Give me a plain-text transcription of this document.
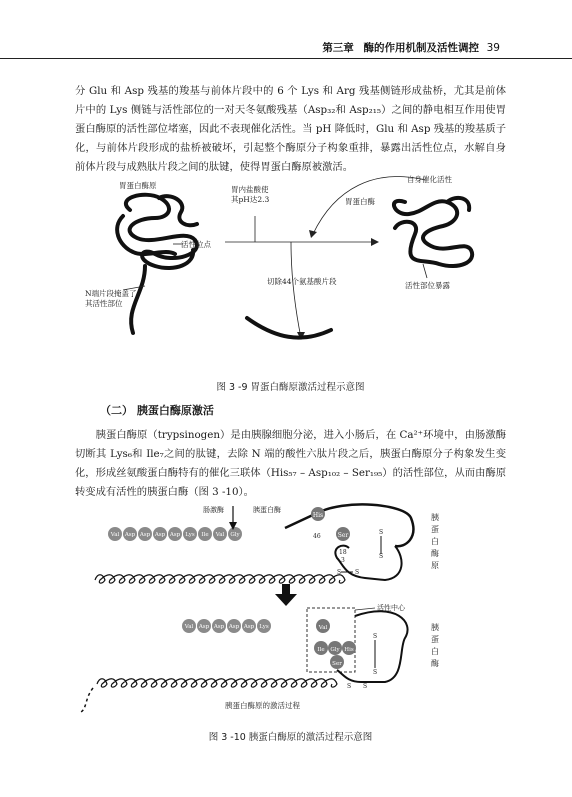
第三章 酶的作用机制及活性调控 39
分 Glu 和 Asp 残基的羧基与前体片段中的 6 个 Lys 和 Arg 残基侧链形成盐桥，尤其是前体片中的 Lys 侧链与活性部位的一对天冬氨酸残基（Asp₃₂和 Asp₂₁₅）之间的静电相互作用使胃蛋白酶原的活性部位堵塞，因此不表现催化活性。当 pH 降低时，Glu 和 Asp 残基的羧基质子化，与前体片段形成的盐桥被破坏，引起整个酶原分子构象重排，暴露出活性位点，水解自身前体片段与成熟肽片段之间的肽键，使得胃蛋白酶原被激活。
胃蛋白酶原	胃内盐酸使其pH达2.3
自身催化活性
胃蛋白酶
活性位点
切除44个氨基酸片段
N端片段掩盖了其活性部位
活性部位暴露
图 3 -9 胃蛋白酶原激活过程示意图
（二） 胰蛋白酶原激活
胰蛋白酶原（trypsinogen）是由胰腺细胞分泌，进入小肠后，在 Ca²⁺环境中，由肠激酶切断其 Lys₆和 Ile₇之间的肽键，去除 N 端的酸性六肽片段之后，胰蛋白酶原分子构象发生变化，形成丝氨酸蛋白酶特有的催化三联体（His₅₇ – Asp₁₀₂ – Ser₁₉₅）的活性部位，从而由酶原转变成有活性的胰蛋白酶（图 3 -10）。
Val Asp Asp Asp Asp Lys Ile Val Gly
His
Ser
46
18
3
S
S
S S
肠激酶	胰蛋白酶
胰
蛋
白
酶
原
Val Asp Asp Asp Asp Lys
活性中心
Val
Ile Gly His
Ser
S
S
S S
胰
蛋
白
酶
胰蛋白酶原的激活过程
图 3 -10 胰蛋白酶原的激活过程示意图
